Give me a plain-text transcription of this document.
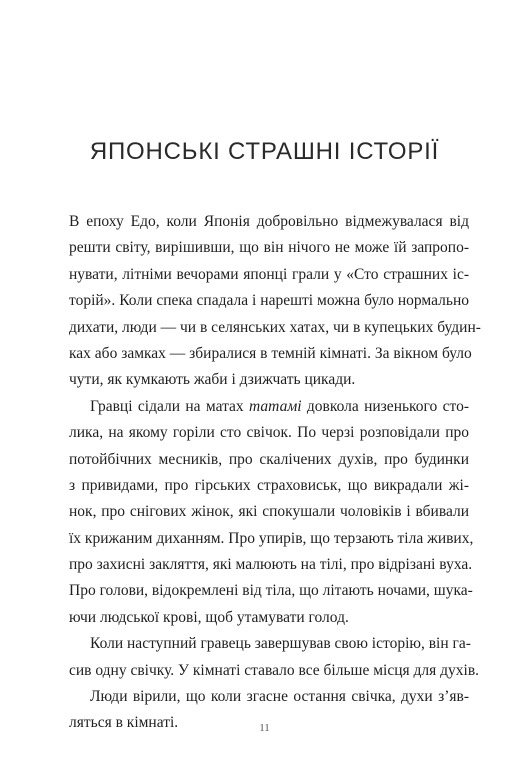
ЯПОНСЬКІ СТРАШНІ ІСТОРІЇ
В епоху Едо, коли Японія добровільно відмежувалася від
решти світу, вирішивши, що він нічого не може їй запропо-
нувати, літніми вечорами японці грали у «Сто страшних іс-
торій». Коли спека спадала і нарешті можна було нормально
дихати, люди — чи в селянських хатах, чи в купецьких будин-
ках або замках — збиралися в темній кімнаті. За вікном було
чути, як кумкають жаби і дзижчать цикади.
Гравці сідали на матах татамі довкола низенького сто-
лика, на якому горіли сто свічок. По черзі розповідали про
потойбічних месників, про скалічених духів, про будинки
з привидами, про гірських страховиськ, що викрадали жі-
нок, про снігових жінок, які спокушали чоловіків і вбивали
їх крижаним диханням. Про упирів, що терзають тіла живих,
про захисні закляття, які малюють на тілі, про відрізані вуха.
Про голови, відокремлені від тіла, що літають ночами, шука-
ючи людської крові, щоб утамувати голод.
Коли наступний гравець завершував свою історію, він га-
сив одну свічку. У кімнаті ставало все більше місця для духів.
Люди вірили, що коли згасне остання свічка, духи з’яв-
ляться в кімнаті.	11
